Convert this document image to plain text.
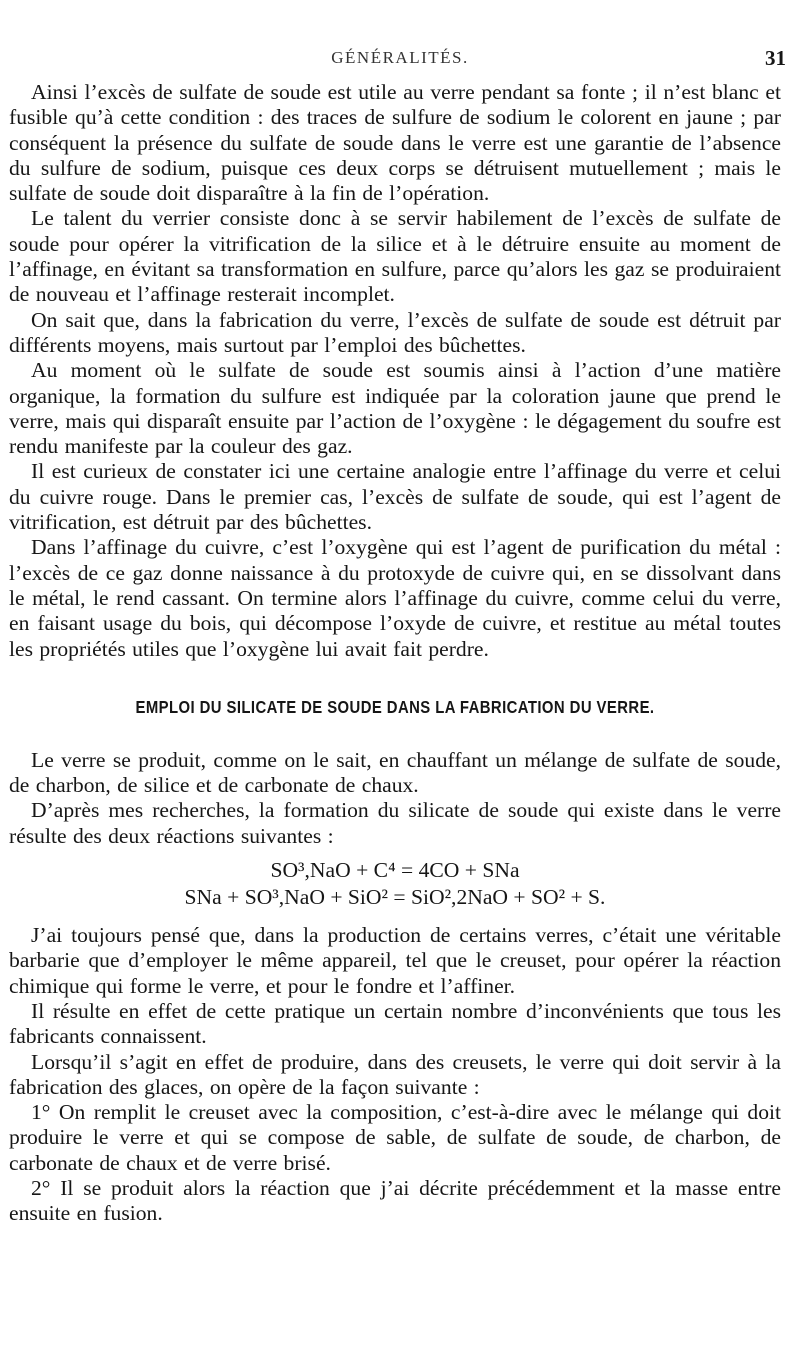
GÉNÉRALITÉS.	31

Ainsi l’excès de sulfate de soude est utile au verre pendant sa fonte ; il n’est blanc et fusible qu’à cette condition : des traces de sulfure de sodium le colorent en jaune ; par conséquent la présence du sulfate de soude dans le verre est une garantie de l’absence du sulfure de sodium, puisque ces deux corps se détruisent mutuellement ; mais le sulfate de soude doit disparaître à la fin de l’opération.

Le talent du verrier consiste donc à se servir habilement de l’excès de sulfate de soude pour opérer la vitrification de la silice et à le détruire ensuite au moment de l’affinage, en évitant sa transformation en sulfure, parce qu’alors les gaz se produiraient de nouveau et l’affinage resterait incomplet.

On sait que, dans la fabrication du verre, l’excès de sulfate de soude est détruit par différents moyens, mais surtout par l’emploi des bûchettes.

Au moment où le sulfate de soude est soumis ainsi à l’action d’une matière organique, la formation du sulfure est indiquée par la coloration jaune que prend le verre, mais qui disparaît ensuite par l’action de l’oxygène : le dégagement du soufre est rendu manifeste par la couleur des gaz.

Il est curieux de constater ici une certaine analogie entre l’affinage du verre et celui du cuivre rouge. Dans le premier cas, l’excès de sulfate de soude, qui est l’agent de vitrification, est détruit par des bûchettes.

Dans l’affinage du cuivre, c’est l’oxygène qui est l’agent de purification du métal : l’excès de ce gaz donne naissance à du protoxyde de cuivre qui, en se dissolvant dans le métal, le rend cassant. On termine alors l’affinage du cuivre, comme celui du verre, en faisant usage du bois, qui décompose l’oxyde de cuivre, et restitue au métal toutes les propriétés utiles que l’oxygène lui avait fait perdre.

EMPLOI DU SILICATE DE SOUDE DANS LA FABRICATION DU VERRE.

Le verre se produit, comme on le sait, en chauffant un mélange de sulfate de soude, de charbon, de silice et de carbonate de chaux.

D’après mes recherches, la formation du silicate de soude qui existe dans le verre résulte des deux réactions suivantes :

SO³,NaO + C⁴ = 4CO + SNa
SNa + SO³,NaO + SiO² = SiO²,2NaO + SO² + S.

J’ai toujours pensé que, dans la production de certains verres, c’était une véritable barbarie que d’employer le même appareil, tel que le creuset, pour opérer la réaction chimique qui forme le verre, et pour le fondre et l’affiner.

Il résulte en effet de cette pratique un certain nombre d’inconvénients que tous les fabricants connaissent.

Lorsqu’il s’agit en effet de produire, dans des creusets, le verre qui doit servir à la fabrication des glaces, on opère de la façon suivante :

1° On remplit le creuset avec la composition, c’est-à-dire avec le mélange qui doit produire le verre et qui se compose de sable, de sulfate de soude, de charbon, de carbonate de chaux et de verre brisé.

2° Il se produit alors la réaction que j’ai décrite précédemment et la masse entre ensuite en fusion.
